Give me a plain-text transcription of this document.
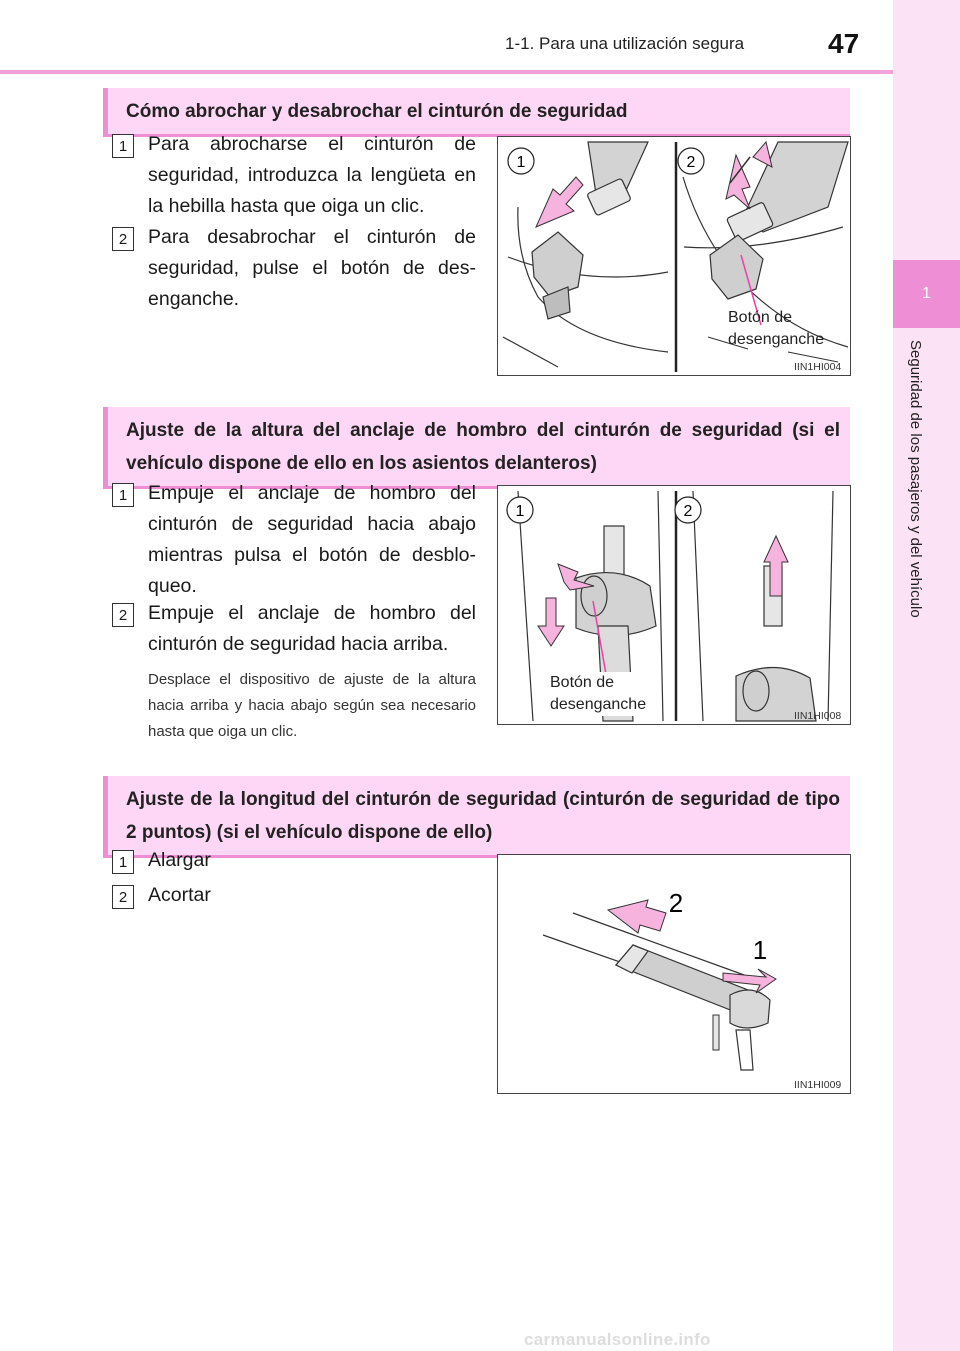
1-1. Para una utilización segura	47
1
Seguridad de los pasajeros y del vehículo
Cómo abrochar y desabrochar el cinturón de seguridad
1	Para abrocharse el cinturón de seguridad, introduzca la lengüeta en la hebilla hasta que oiga un clic.
2	Para desabrochar el cinturón de seguridad, pulse el botón de des-enganche.
1	2
Botón de
desenganche
IIN1HI004
Ajuste de la altura del anclaje de hombro del cinturón de seguridad (si el vehículo dispone de ello en los asientos delanteros)
1	Empuje el anclaje de hombro del cinturón de seguridad hacia abajo mientras pulsa el botón de desblo-queo.
2	Empuje el anclaje de hombro del cinturón de seguridad hacia arriba.
Desplace el dispositivo de ajuste de la altura hacia arriba y hacia abajo según sea necesario hasta que oiga un clic.
1	2
Botón de
desenganche
IIN1HI008
Ajuste de la longitud del cinturón de seguridad (cinturón de seguridad de tipo 2 puntos) (si el vehículo dispone de ello)
1	Alargar
2	Acortar	2
1
IIN1HI009
carmanualsonline.info
